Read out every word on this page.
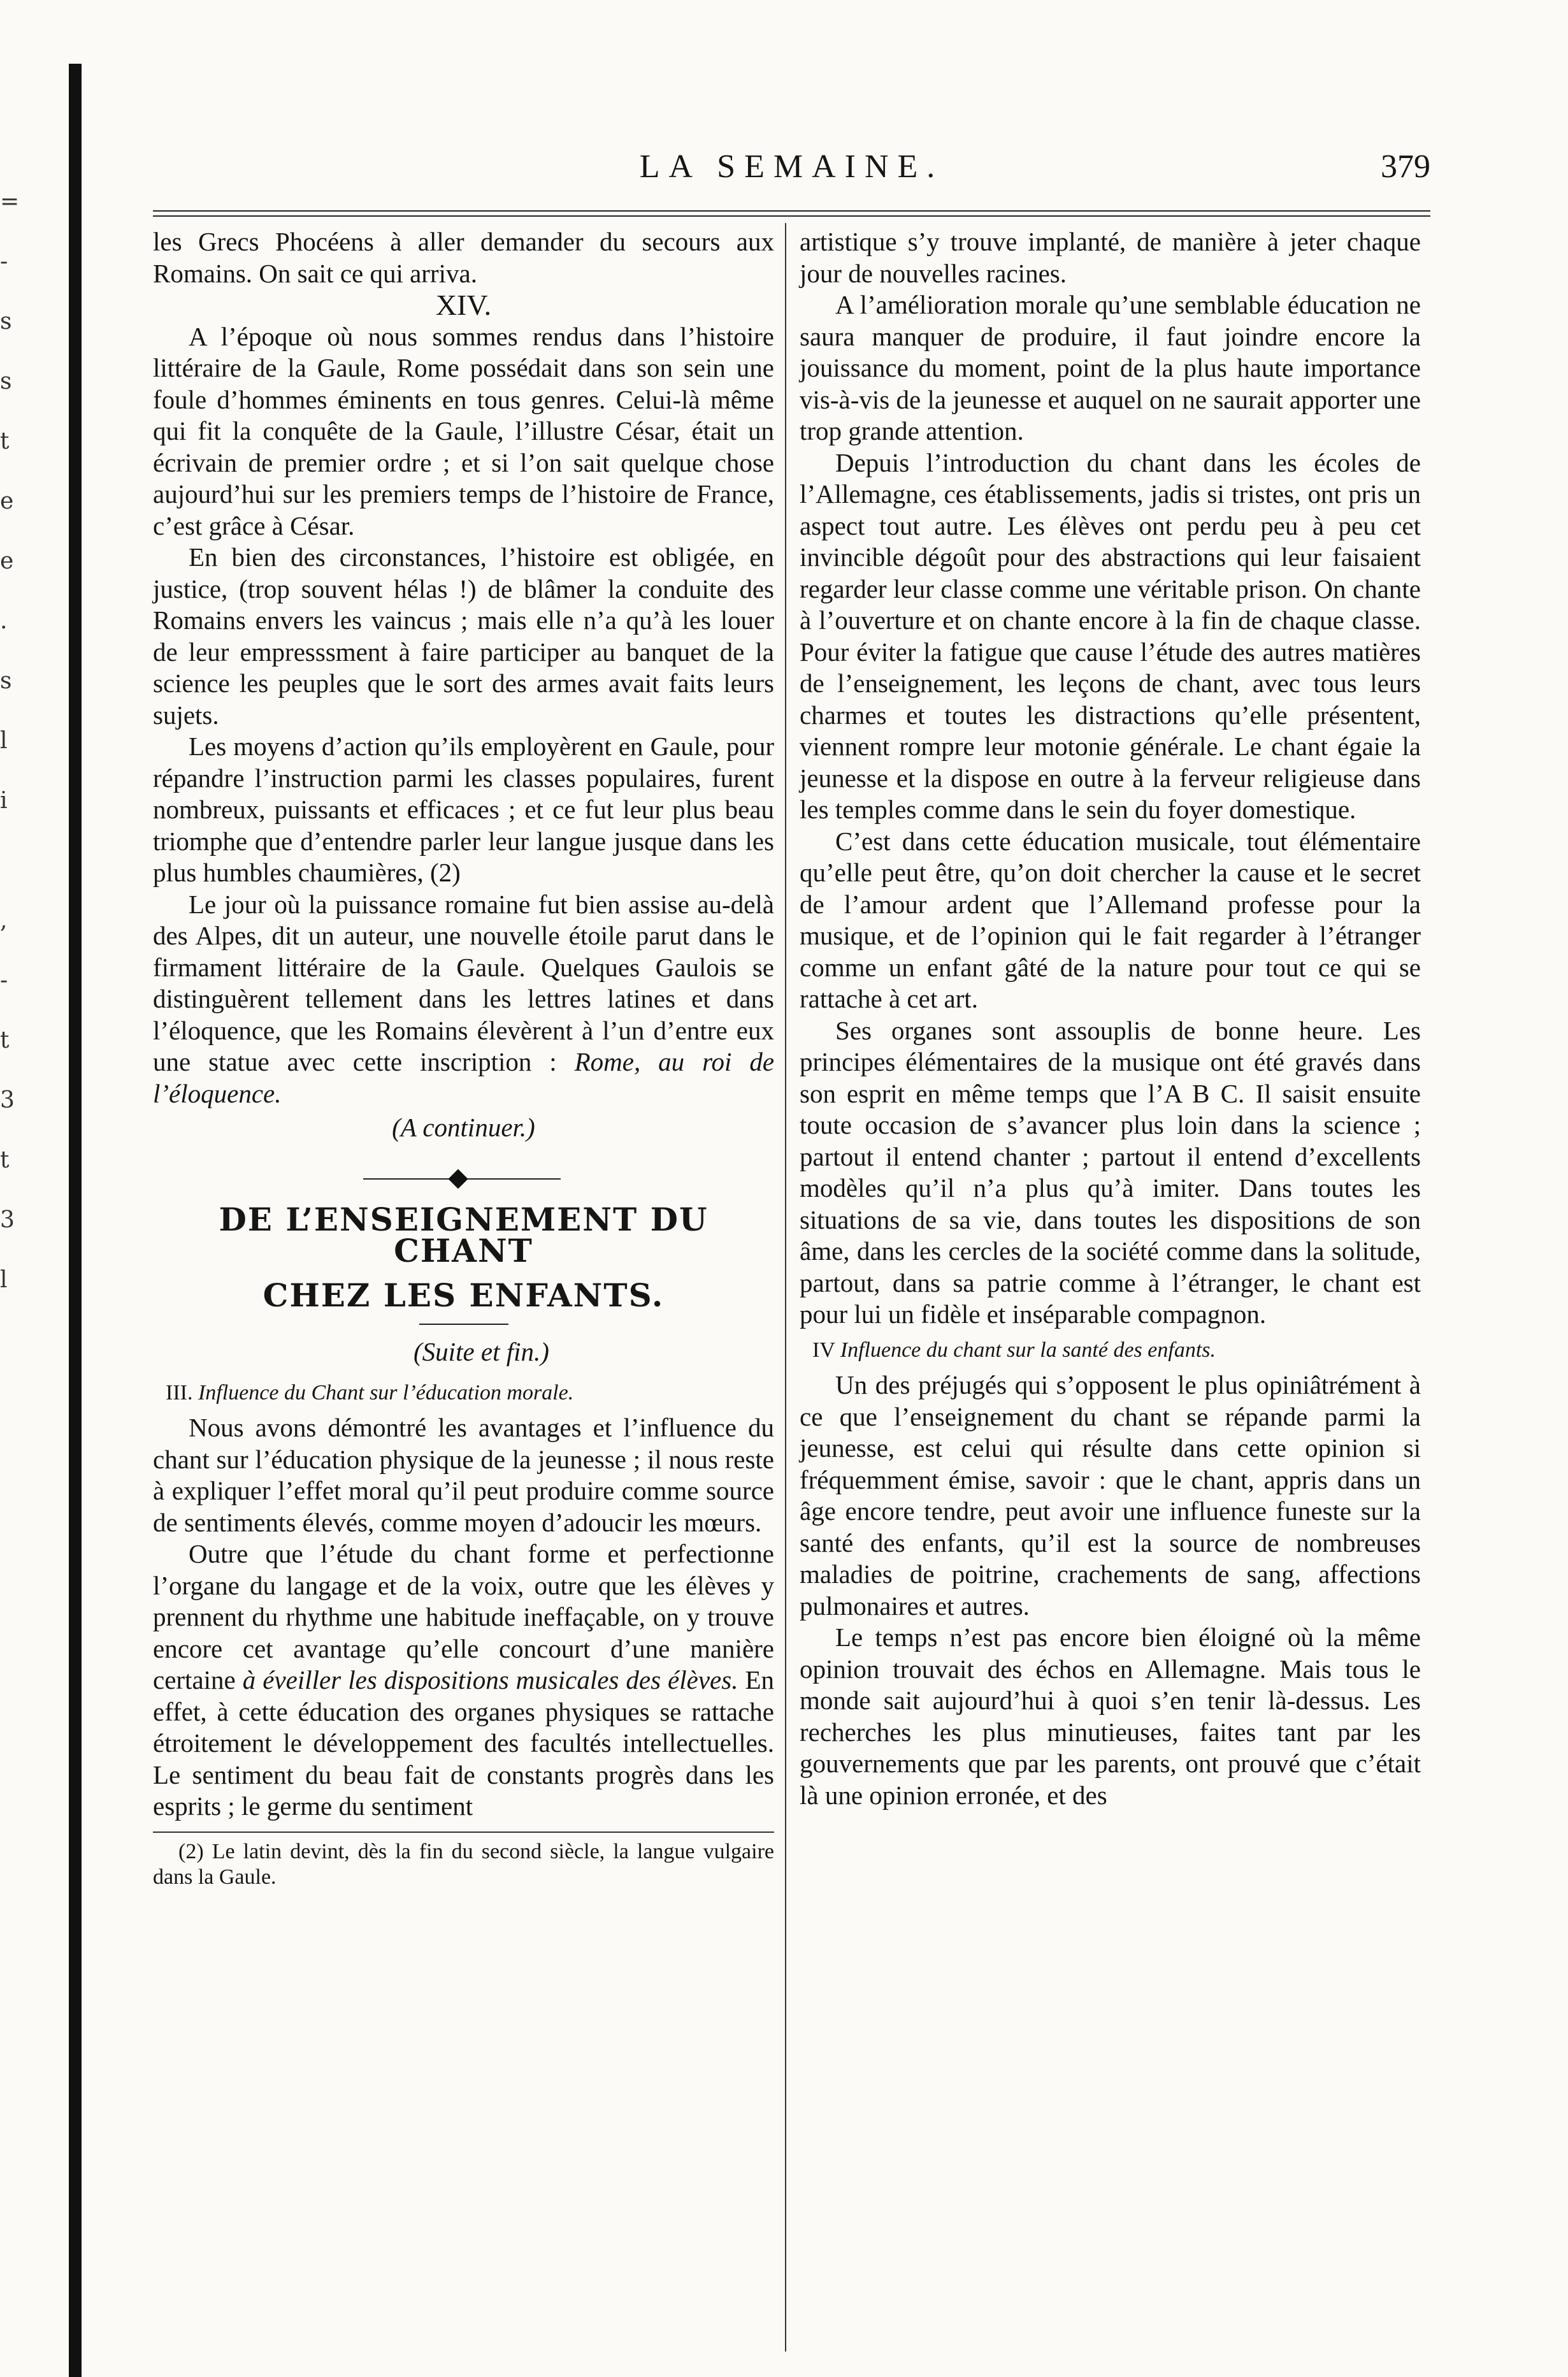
=
-
s
s
t
e
e
.
s
l
i
,
-
t
3
t
3
l
LA SEMAINE.	379

les Grecs Phocéens à aller demander du secours aux Romains. On sait ce qui arriva.

XIV.

A l’époque où nous sommes rendus dans l’histoire littéraire de la Gaule, Rome possédait dans son sein une foule d’hommes éminents en tous genres. Celui-là même qui fit la conquête de la Gaule, l’illustre César, était un écrivain de premier ordre ; et si l’on sait quelque chose aujourd’hui sur les premiers temps de l’histoire de France, c’est grâce à César.

En bien des circonstances, l’histoire est obligée, en justice, (trop souvent hélas !) de blâmer la conduite des Romains envers les vaincus ; mais elle n’a qu’à les louer de leur empresssment à faire participer au banquet de la science les peuples que le sort des armes avait faits leurs sujets.

Les moyens d’action qu’ils employèrent en Gaule, pour répandre l’instruction parmi les classes populaires, furent nombreux, puissants et efficaces ; et ce fut leur plus beau triomphe que d’entendre parler leur langue jusque dans les plus humbles chaumières, (2)

Le jour où la puissance romaine fut bien assise au-delà des Alpes, dit un auteur, une nouvelle étoile parut dans le firmament littéraire de la Gaule. Quelques Gaulois se distinguèrent tellement dans les lettres latines et dans l’éloquence, que les Romains élevèrent à l’un d’entre eux une statue avec cette inscription : Rome, au roi de l’éloquence.

(A continuer.)

DE L’ENSEIGNEMENT DU CHANT
CHEZ LES ENFANTS.

(Suite et fin.)

III. Influence du Chant sur l’éducation morale.

Nous avons démontré les avantages et l’influence du chant sur l’éducation physique de la jeunesse ; il nous reste à expliquer l’effet moral qu’il peut produire comme source de sentiments élevés, comme moyen d’adoucir les mœurs.

Outre que l’étude du chant forme et perfectionne l’organe du langage et de la voix, outre que les élèves y prennent du rhythme une habitude ineffaçable, on y trouve encore cet avantage qu’elle concourt d’une manière certaine à éveiller les dispositions musicales des élèves. En effet, à cette éducation des organes physiques se rattache étroitement le développement des facultés intellectuelles. Le sentiment du beau fait de constants progrès dans les esprits ; le germe du sentiment

(2) Le latin devint, dès la fin du second siècle, la langue vulgaire dans la Gaule.

artistique s’y trouve implanté, de manière à jeter chaque jour de nouvelles racines.

A l’amélioration morale qu’une semblable éducation ne saura manquer de produire, il faut joindre encore la jouissance du moment, point de la plus haute importance vis-à-vis de la jeunesse et auquel on ne saurait apporter une trop grande attention.

Depuis l’introduction du chant dans les écoles de l’Allemagne, ces établissements, jadis si tristes, ont pris un aspect tout autre. Les élèves ont perdu peu à peu cet invincible dégoût pour des abstractions qui leur faisaient regarder leur classe comme une véritable prison. On chante à l’ouverture et on chante encore à la fin de chaque classe. Pour éviter la fatigue que cause l’étude des autres matières de l’enseignement, les leçons de chant, avec tous leurs charmes et toutes les distractions qu’elle présentent, viennent rompre leur motonie générale. Le chant égaie la jeunesse et la dispose en outre à la ferveur religieuse dans les temples comme dans le sein du foyer domestique.

C’est dans cette éducation musicale, tout élémentaire qu’elle peut être, qu’on doit chercher la cause et le secret de l’amour ardent que l’Allemand professe pour la musique, et de l’opinion qui le fait regarder à l’étranger comme un enfant gâté de la nature pour tout ce qui se rattache à cet art.

Ses organes sont assouplis de bonne heure. Les principes élémentaires de la musique ont été gravés dans son esprit en même temps que l’A B C. Il saisit ensuite toute occasion de s’avancer plus loin dans la science ; partout il entend chanter ; partout il entend d’excellents modèles qu’il n’a plus qu’à imiter. Dans toutes les situations de sa vie, dans toutes les dispositions de son âme, dans les cercles de la société comme dans la solitude, partout, dans sa patrie comme à l’étranger, le chant est pour lui un fidèle et inséparable compagnon.

IV Influence du chant sur la santé des enfants.

Un des préjugés qui s’opposent le plus opiniâtrément à ce que l’enseignement du chant se répande parmi la jeunesse, est celui qui résulte dans cette opinion si fréquemment émise, savoir : que le chant, appris dans un âge encore tendre, peut avoir une influence funeste sur la santé des enfants, qu’il est la source de nombreuses maladies de poitrine, crachements de sang, affections pulmonaires et autres.

Le temps n’est pas encore bien éloigné où la même opinion trouvait des échos en Allemagne. Mais tous le monde sait aujourd’hui à quoi s’en tenir là-dessus. Les recherches les plus minutieuses, faites tant par les gouvernements que par les parents, ont prouvé que c’était là une opinion erronée, et des
